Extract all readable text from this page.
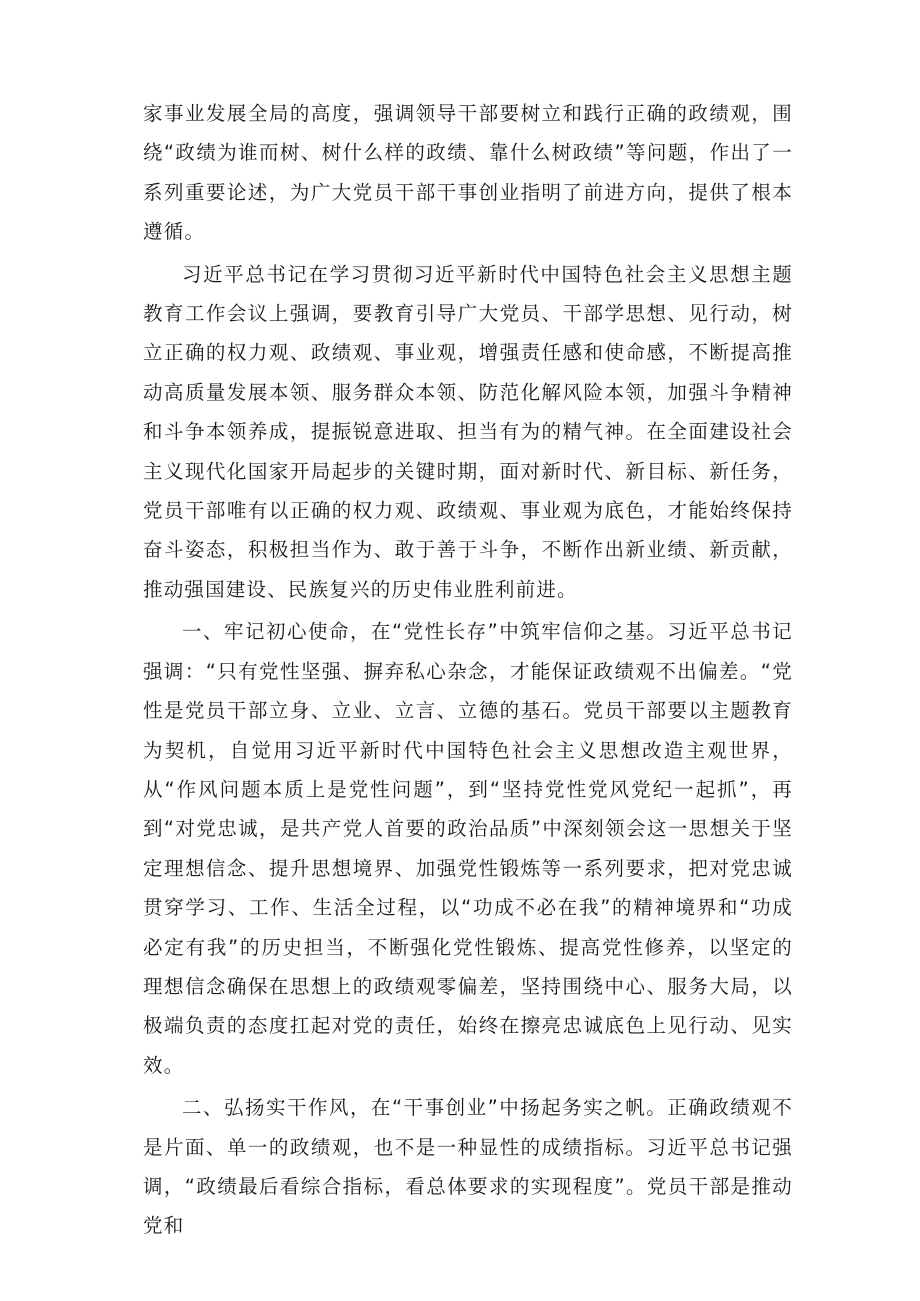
家事业发展全局的高度，强调领导干部要树立和践行正确的政绩观，围绕“政绩为谁而树、树什么样的政绩、靠什么树政绩”等问题，作出了一系列重要论述，为广大党员干部干事创业指明了前进方向，提供了根本遵循。

习近平总书记在学习贯彻习近平新时代中国特色社会主义思想主题教育工作会议上强调，要教育引导广大党员、干部学思想、见行动，树立正确的权力观、政绩观、事业观，增强责任感和使命感，不断提高推动高质量发展本领、服务群众本领、防范化解风险本领，加强斗争精神和斗争本领养成，提振锐意进取、担当有为的精气神。在全面建设社会主义现代化国家开局起步的关键时期，面对新时代、新目标、新任务，党员干部唯有以正确的权力观、政绩观、事业观为底色，才能始终保持奋斗姿态，积极担当作为、敢于善于斗争，不断作出新业绩、新贡献，推动强国建设、民族复兴的历史伟业胜利前进。

一、牢记初心使命，在“党性长存”中筑牢信仰之基。习近平总书记强调：“只有党性坚强、摒弃私心杂念，才能保证政绩观不出偏差。“党性是党员干部立身、立业、立言、立德的基石。党员干部要以主题教育为契机，自觉用习近平新时代中国特色社会主义思想改造主观世界，从“作风问题本质上是党性问题”，到“坚持党性党风党纪一起抓”，再到“对党忠诚，是共产党人首要的政治品质”中深刻领会这一思想关于坚定理想信念、提升思想境界、加强党性锻炼等一系列要求，把对党忠诚贯穿学习、工作、生活全过程，以“功成不必在我”的精神境界和“功成必定有我”的历史担当，不断强化党性锻炼、提高党性修养，以坚定的理想信念确保在思想上的政绩观零偏差，坚持围绕中心、服务大局，以极端负责的态度扛起对党的责任，始终在擦亮忠诚底色上见行动、见实效。

二、弘扬实干作风，在“干事创业”中扬起务实之帆。正确政绩观不是片面、单一的政绩观，也不是一种显性的成绩指标。习近平总书记强调，“政绩最后看综合指标，看总体要求的实现程度”。党员干部是推动党和
